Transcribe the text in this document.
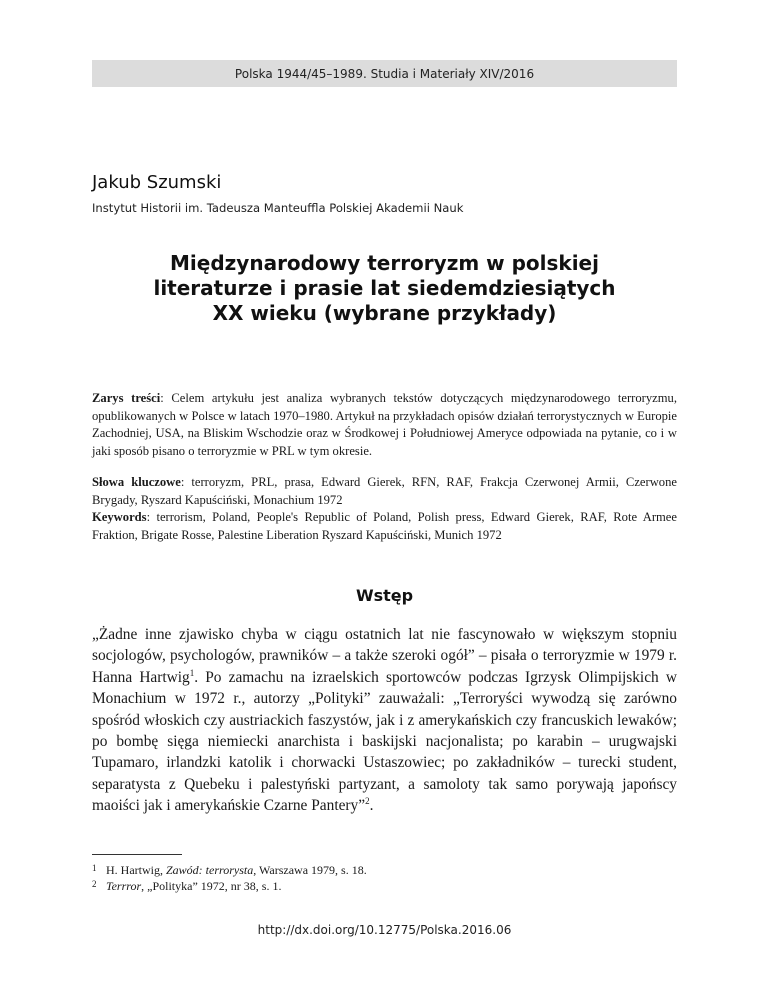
Polska 1944/45–1989. Studia i Materiały XIV/2016
Jakub Szumski
Instytut Historii im. Tadeusza Manteuffla Polskiej Akademii Nauk
Międzynarodowy terroryzm w polskiej
literaturze i prasie lat siedemdziesiątych
XX wieku (wybrane przykłady)
Zarys treści: Celem artykułu jest analiza wybranych tekstów dotyczących międzynarodowego terroryzmu, opublikowanych w Polsce w latach 1970–1980. Artykuł na przykładach opisów działań terrorystycznych w Europie Zachodniej, USA, na Bliskim Wschodzie oraz w Środkowej i Południowej Ameryce odpowiada na pytanie, co i w jaki sposób pisano o terroryzmie w PRL w tym okresie.

Słowa kluczowe: terroryzm, PRL, prasa, Edward Gierek, RFN, RAF, Frakcja Czerwonej Armii, Czerwone Brygady, Ryszard Kapuściński, Monachium 1972

Keywords: terrorism, Poland, People's Republic of Poland, Polish press, Edward Gierek, RAF, Rote Armee Fraktion, Brigate Rosse, Palestine Liberation Ryszard Kapuściński, Munich 1972

Wstęp

„Żadne inne zjawisko chyba w ciągu ostatnich lat nie fascynowało w większym stopniu socjologów, psychologów, prawników – a także szeroki ogół” – pisała o terroryzmie w 1979 r. Hanna Hartwig$^1$. Po zamachu na izraelskich sportowców podczas Igrzysk Olimpijskich w Monachium w 1972 r., autorzy „Polityki” zauważali: „Terroryści wywodzą się zarówno spośród włoskich czy austriackich faszystów, jak i z amerykańskich czy francuskich lewaków; po bombę sięga niemiecki anarchista i baskijski nacjonalista; po karabin – urugwajski Tupamaro, irlandzki katolik i chorwacki Ustaszowiec; po zakładników – turecki student, separatysta z Quebeku i palestyński partyzant, a samoloty tak samo porywają japońscy maoiści jak i amerykańskie Czarne Pantery”$^2$.

1 H. Hartwig, Zawód: terrorysta, Warszawa 1979, s. 18.
2 Terrror, „Polityka” 1972, nr 38, s. 1.
http://dx.doi.org/10.12775/Polska.2016.06
